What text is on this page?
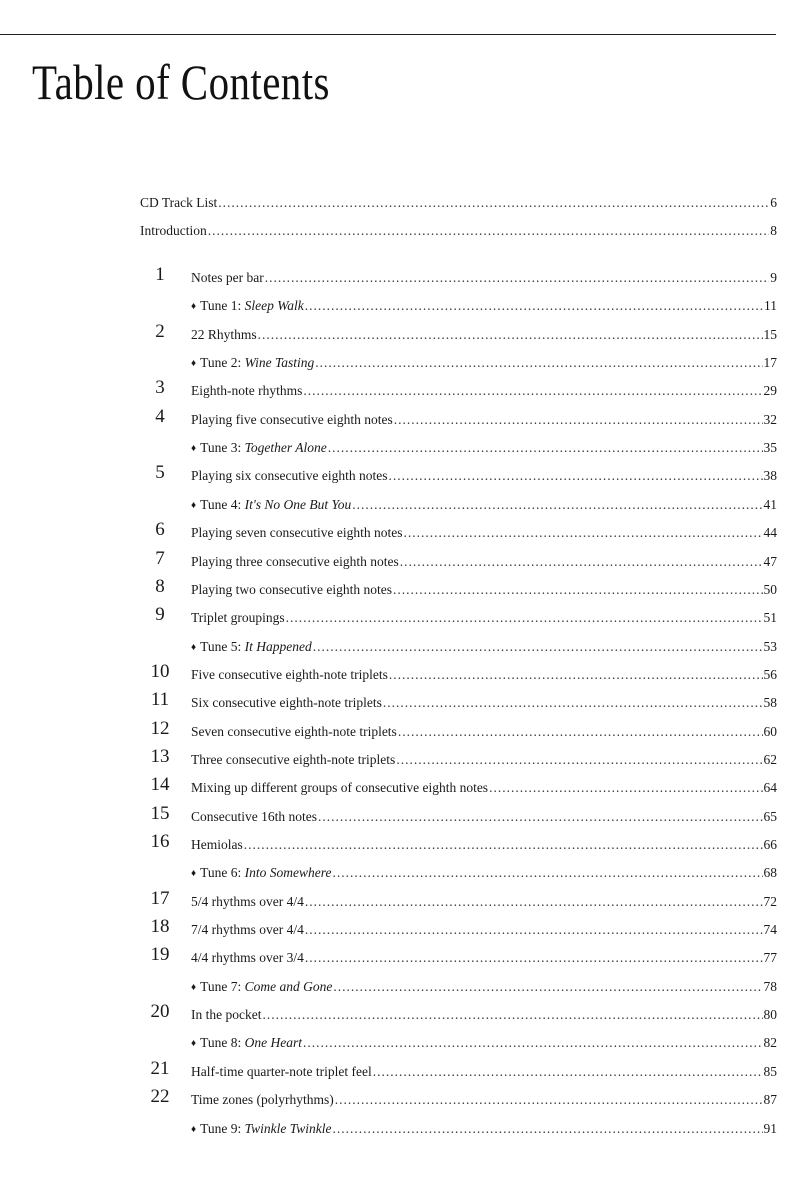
Table of Contents
CD Track List .....	6
Introduction .....	8
1	Notes per bar .....	9
♦ Tune 1: Sleep Walk .....	11
2	22 Rhythms .....	15
♦ Tune 2: Wine Tasting .....	17
3	Eighth-note rhythms .....	29
4	Playing five consecutive eighth notes .....	32
♦ Tune 3: Together Alone .....	35
5	Playing six consecutive eighth notes .....	38
♦ Tune 4: It's No One But You .....	41
6	Playing seven consecutive eighth notes .....	44
7	Playing three consecutive eighth notes .....	47
8	Playing two consecutive eighth notes .....	50
9	Triplet groupings .....	51
♦ Tune 5: It Happened .....	53
10	Five consecutive eighth-note triplets .....	56
11	Six consecutive eighth-note triplets .....	58
12	Seven consecutive eighth-note triplets .....	60
13	Three consecutive eighth-note triplets .....	62
14	Mixing up different groups of consecutive eighth notes .....	64
15	Consecutive 16th notes .....	65
16	Hemiolas .....	66
♦ Tune 6: Into Somewhere .....	68
17	5/4 rhythms over 4/4 .....	72
18	7/4 rhythms over 4/4 .....	74
19	4/4 rhythms over 3/4 .....	77
♦ Tune 7: Come and Gone .....	78
20	In the pocket .....	80
♦ Tune 8: One Heart .....	82
21	Half-time quarter-note triplet feel .....	85
22	Time zones (polyrhythms) .....	87
♦ Tune 9: Twinkle Twinkle .....	91
